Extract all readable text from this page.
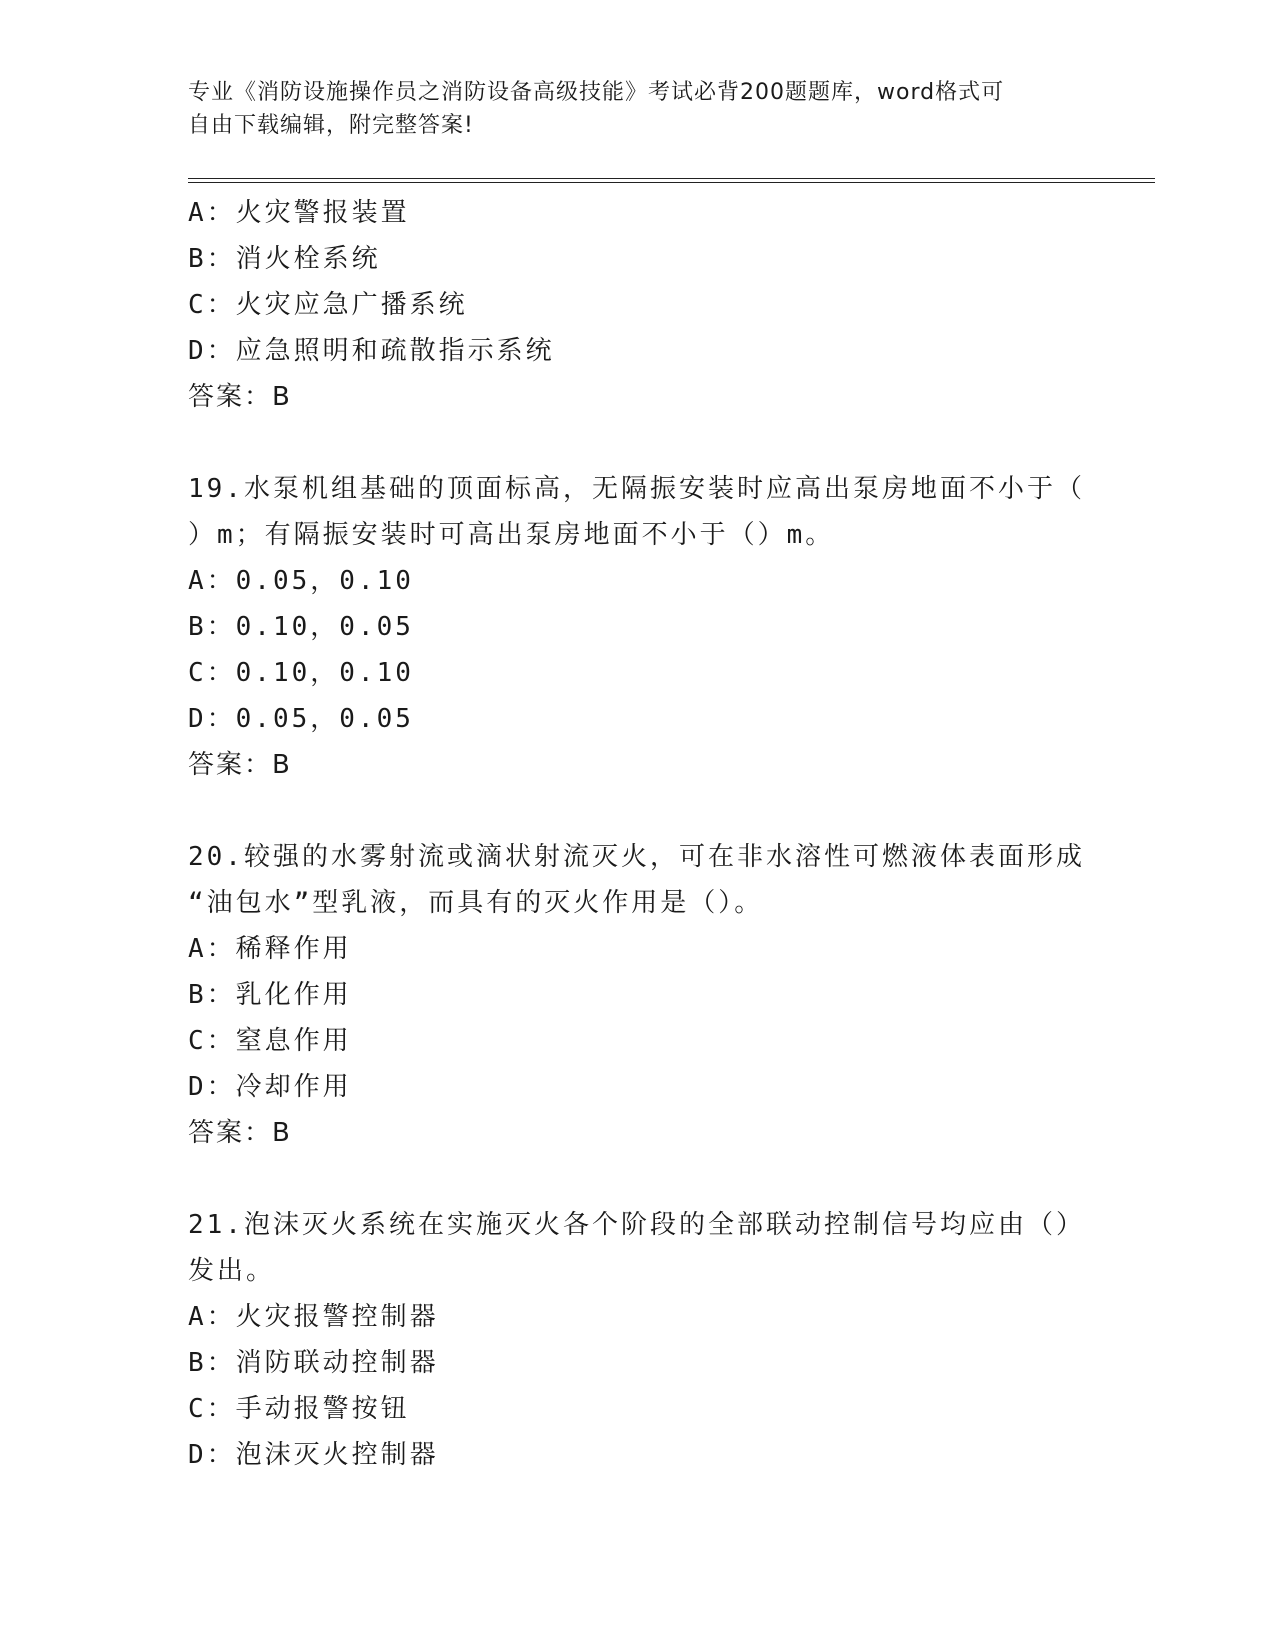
专业《消防设施操作员之消防设备高级技能》考试必背200题题库，word格式可
自由下载编辑，附完整答案!
A：火灾警报装置
B：消火栓系统
C：火灾应急广播系统
D：应急照明和疏散指示系统
答案：B
19.水泵机组基础的顶面标高，无隔振安装时应高出泵房地面不小于（
）m；有隔振安装时可高出泵房地面不小于（）m。
A：0.05，0.10
B：0.10，0.05
C：0.10，0.10
D：0.05，0.05
答案：B
20.较强的水雾射流或滴状射流灭火，可在非水溶性可燃液体表面形成
“油包水”型乳液，而具有的灭火作用是（）。
A：稀释作用
B：乳化作用
C：窒息作用
D：冷却作用
答案：B
21.泡沫灭火系统在实施灭火各个阶段的全部联动控制信号均应由（）
发出。
A：火灾报警控制器
B：消防联动控制器
C：手动报警按钮
D：泡沫灭火控制器
